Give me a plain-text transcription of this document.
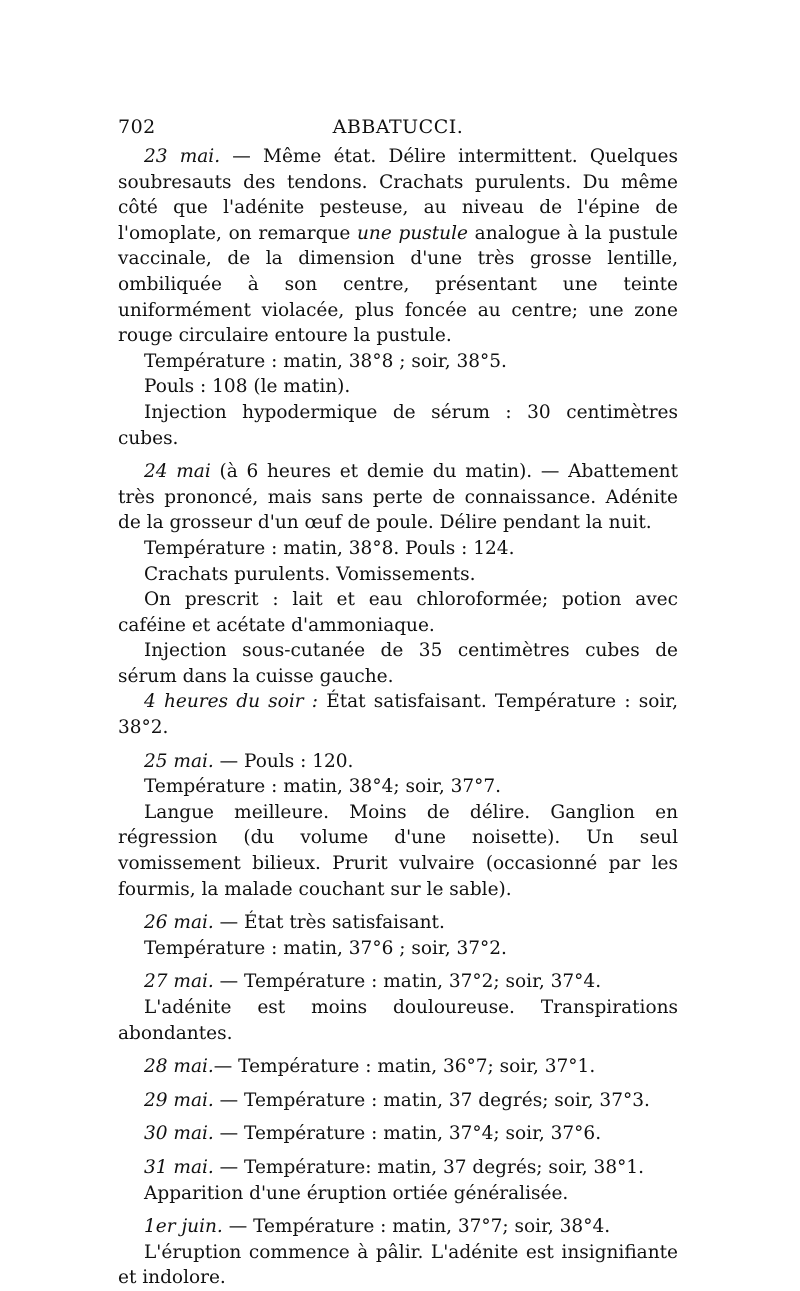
702	ABBATUCCI.

23 mai. — Même état. Délire intermittent. Quelques soubresauts des tendons. Crachats purulents. Du même côté que l'adénite pesteuse, au niveau de l'épine de l'omoplate, on remarque une pustule analogue à la pustule vaccinale, de la dimension d'une très grosse lentille, ombiliquée à son centre, présentant une teinte uniformément violacée, plus foncée au centre; une zone rouge circulaire entoure la pustule.

Température : matin, 38°8 ; soir, 38°5.

Pouls : 108 (le matin).

Injection hypodermique de sérum : 30 centimètres cubes.

24 mai (à 6 heures et demie du matin). — Abattement très prononcé, mais sans perte de connaissance. Adénite de la grosseur d'un œuf de poule. Délire pendant la nuit.

Température : matin, 38°8. Pouls : 124.

Crachats purulents. Vomissements.

On prescrit : lait et eau chloroformée; potion avec caféine et acétate d'ammoniaque.

Injection sous-cutanée de 35 centimètres cubes de sérum dans la cuisse gauche.

4 heures du soir : État satisfaisant. Température : soir, 38°2.

25 mai. — Pouls : 120.

Température : matin, 38°4; soir, 37°7.

Langue meilleure. Moins de délire. Ganglion en régression (du volume d'une noisette). Un seul vomissement bilieux. Prurit vulvaire (occasionné par les fourmis, la malade couchant sur le sable).

26 mai. — État très satisfaisant.

Température : matin, 37°6 ; soir, 37°2.

27 mai. — Température : matin, 37°2; soir, 37°4.

L'adénite est moins douloureuse. Transpirations abondantes.

28 mai.— Température : matin, 36°7; soir, 37°1.

29 mai. — Température : matin, 37 degrés; soir, 37°3.

30 mai. — Température : matin, 37°4; soir, 37°6.

31 mai. — Température: matin, 37 degrés; soir, 38°1.

Apparition d'une éruption ortiée généralisée.

1er juin. — Température : matin, 37°7; soir, 38°4.

L'éruption commence à pâlir. L'adénite est insignifiante et indolore.
